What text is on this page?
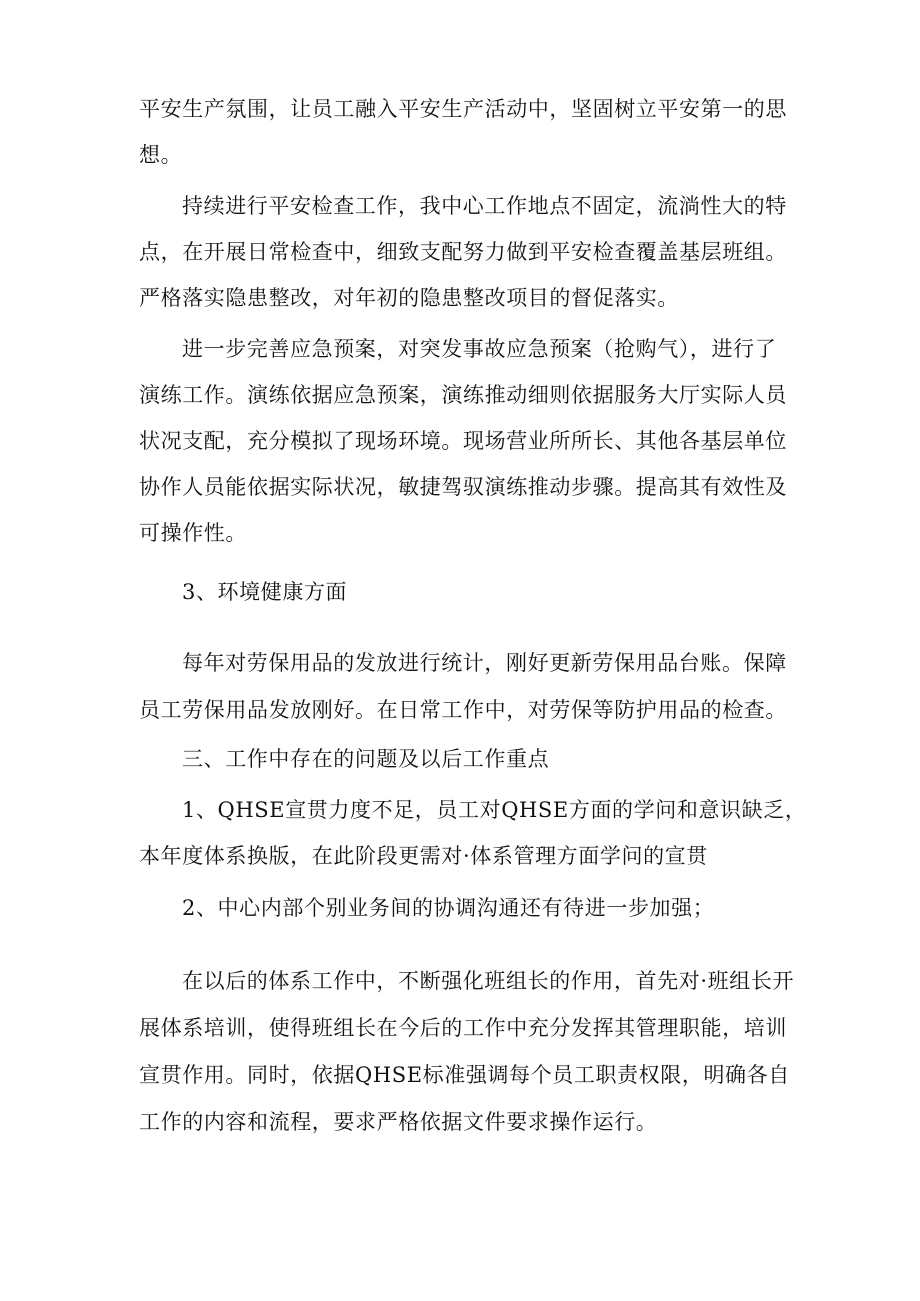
平安生产氛围，让员工融入平安生产活动中，坚固树立平安第一的思
想。
持续进行平安检查工作，我中心工作地点不固定，流淌性大的特
点，在开展日常检查中，细致支配努力做到平安检查覆盖基层班组。
严格落实隐患整改，对年初的隐患整改项目的督促落实。
进一步完善应急预案，对突发事故应急预案（抢购气），进行了
演练工作。演练依据应急预案，演练推动细则依据服务大厅实际人员
状况支配，充分模拟了现场环境。现场营业所所长、其他各基层单位
协作人员能依据实际状况，敏捷驾驭演练推动步骤。提高其有效性及
可操作性。
3、环境健康方面
每年对劳保用品的发放进行统计，刚好更新劳保用品台账。保障
员工劳保用品发放刚好。在日常工作中，对劳保等防护用品的检查。
三、工作中存在的问题及以后工作重点
1、QHSE宣贯力度不足，员工对QHSE方面的学问和意识缺乏，
本年度体系换版，在此阶段更需对·体系管理方面学问的宣贯
2、中心内部个别业务间的协调沟通还有待进一步加强；
在以后的体系工作中，不断强化班组长的作用，首先对·班组长开
展体系培训，使得班组长在今后的工作中充分发挥其管理职能，培训
宣贯作用。同时，依据QHSE标准强调每个员工职责权限，明确各自
工作的内容和流程，要求严格依据文件要求操作运行。
